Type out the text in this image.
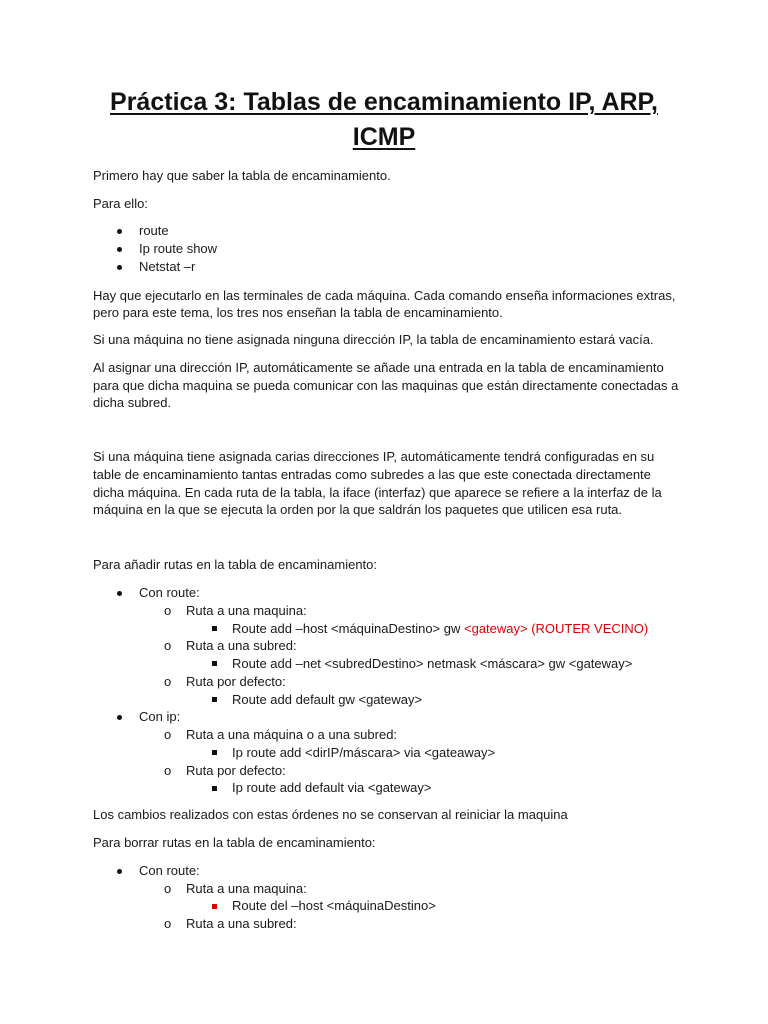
Práctica 3: Tablas de encaminamiento IP, ARP,
ICMP
Primero hay que saber la tabla de encaminamiento.
Para ello:
route
Ip route show
Netstat –r
Hay que ejecutarlo en las terminales de cada máquina. Cada comando enseña informaciones extras,
pero para este tema, los tres nos enseñan la tabla de encaminamiento.
Si una máquina no tiene asignada ninguna dirección IP, la tabla de encaminamiento estará vacía.
Al asignar una dirección IP, automáticamente se añade una entrada en la tabla de encaminamiento
para que dicha maquina se pueda comunicar con las maquinas que están directamente conectadas a
dicha subred.
Si una máquina tiene asignada carias direcciones IP, automáticamente tendrá configuradas en su
table de encaminamiento tantas entradas como subredes a las que este conectada directamente
dicha máquina. En cada ruta de la tabla, la iface (interfaz) que aparece se refiere a la interfaz de la
máquina en la que se ejecuta la orden por la que saldrán los paquetes que utilicen esa ruta.
Para añadir rutas en la tabla de encaminamiento:
Con route:
o Ruta a una maquina:
Route add –host <máquinaDestino> gw <gateway> (ROUTER VECINO)
o Ruta a una subred:
Route add –net <subredDestino> netmask <máscara> gw <gateway>
o Ruta por defecto:
Route add default gw <gateway>
Con ip:
o Ruta a una máquina o a una subred:
Ip route add <dirIP/máscara> via <gateaway>
o Ruta por defecto:
Ip route add default via <gateway>
Los cambios realizados con estas órdenes no se conservan al reiniciar la maquina
Para borrar rutas en la tabla de encaminamiento:
Con route:
o Ruta a una maquina:
Route del –host <máquinaDestino>
o Ruta a una subred:
